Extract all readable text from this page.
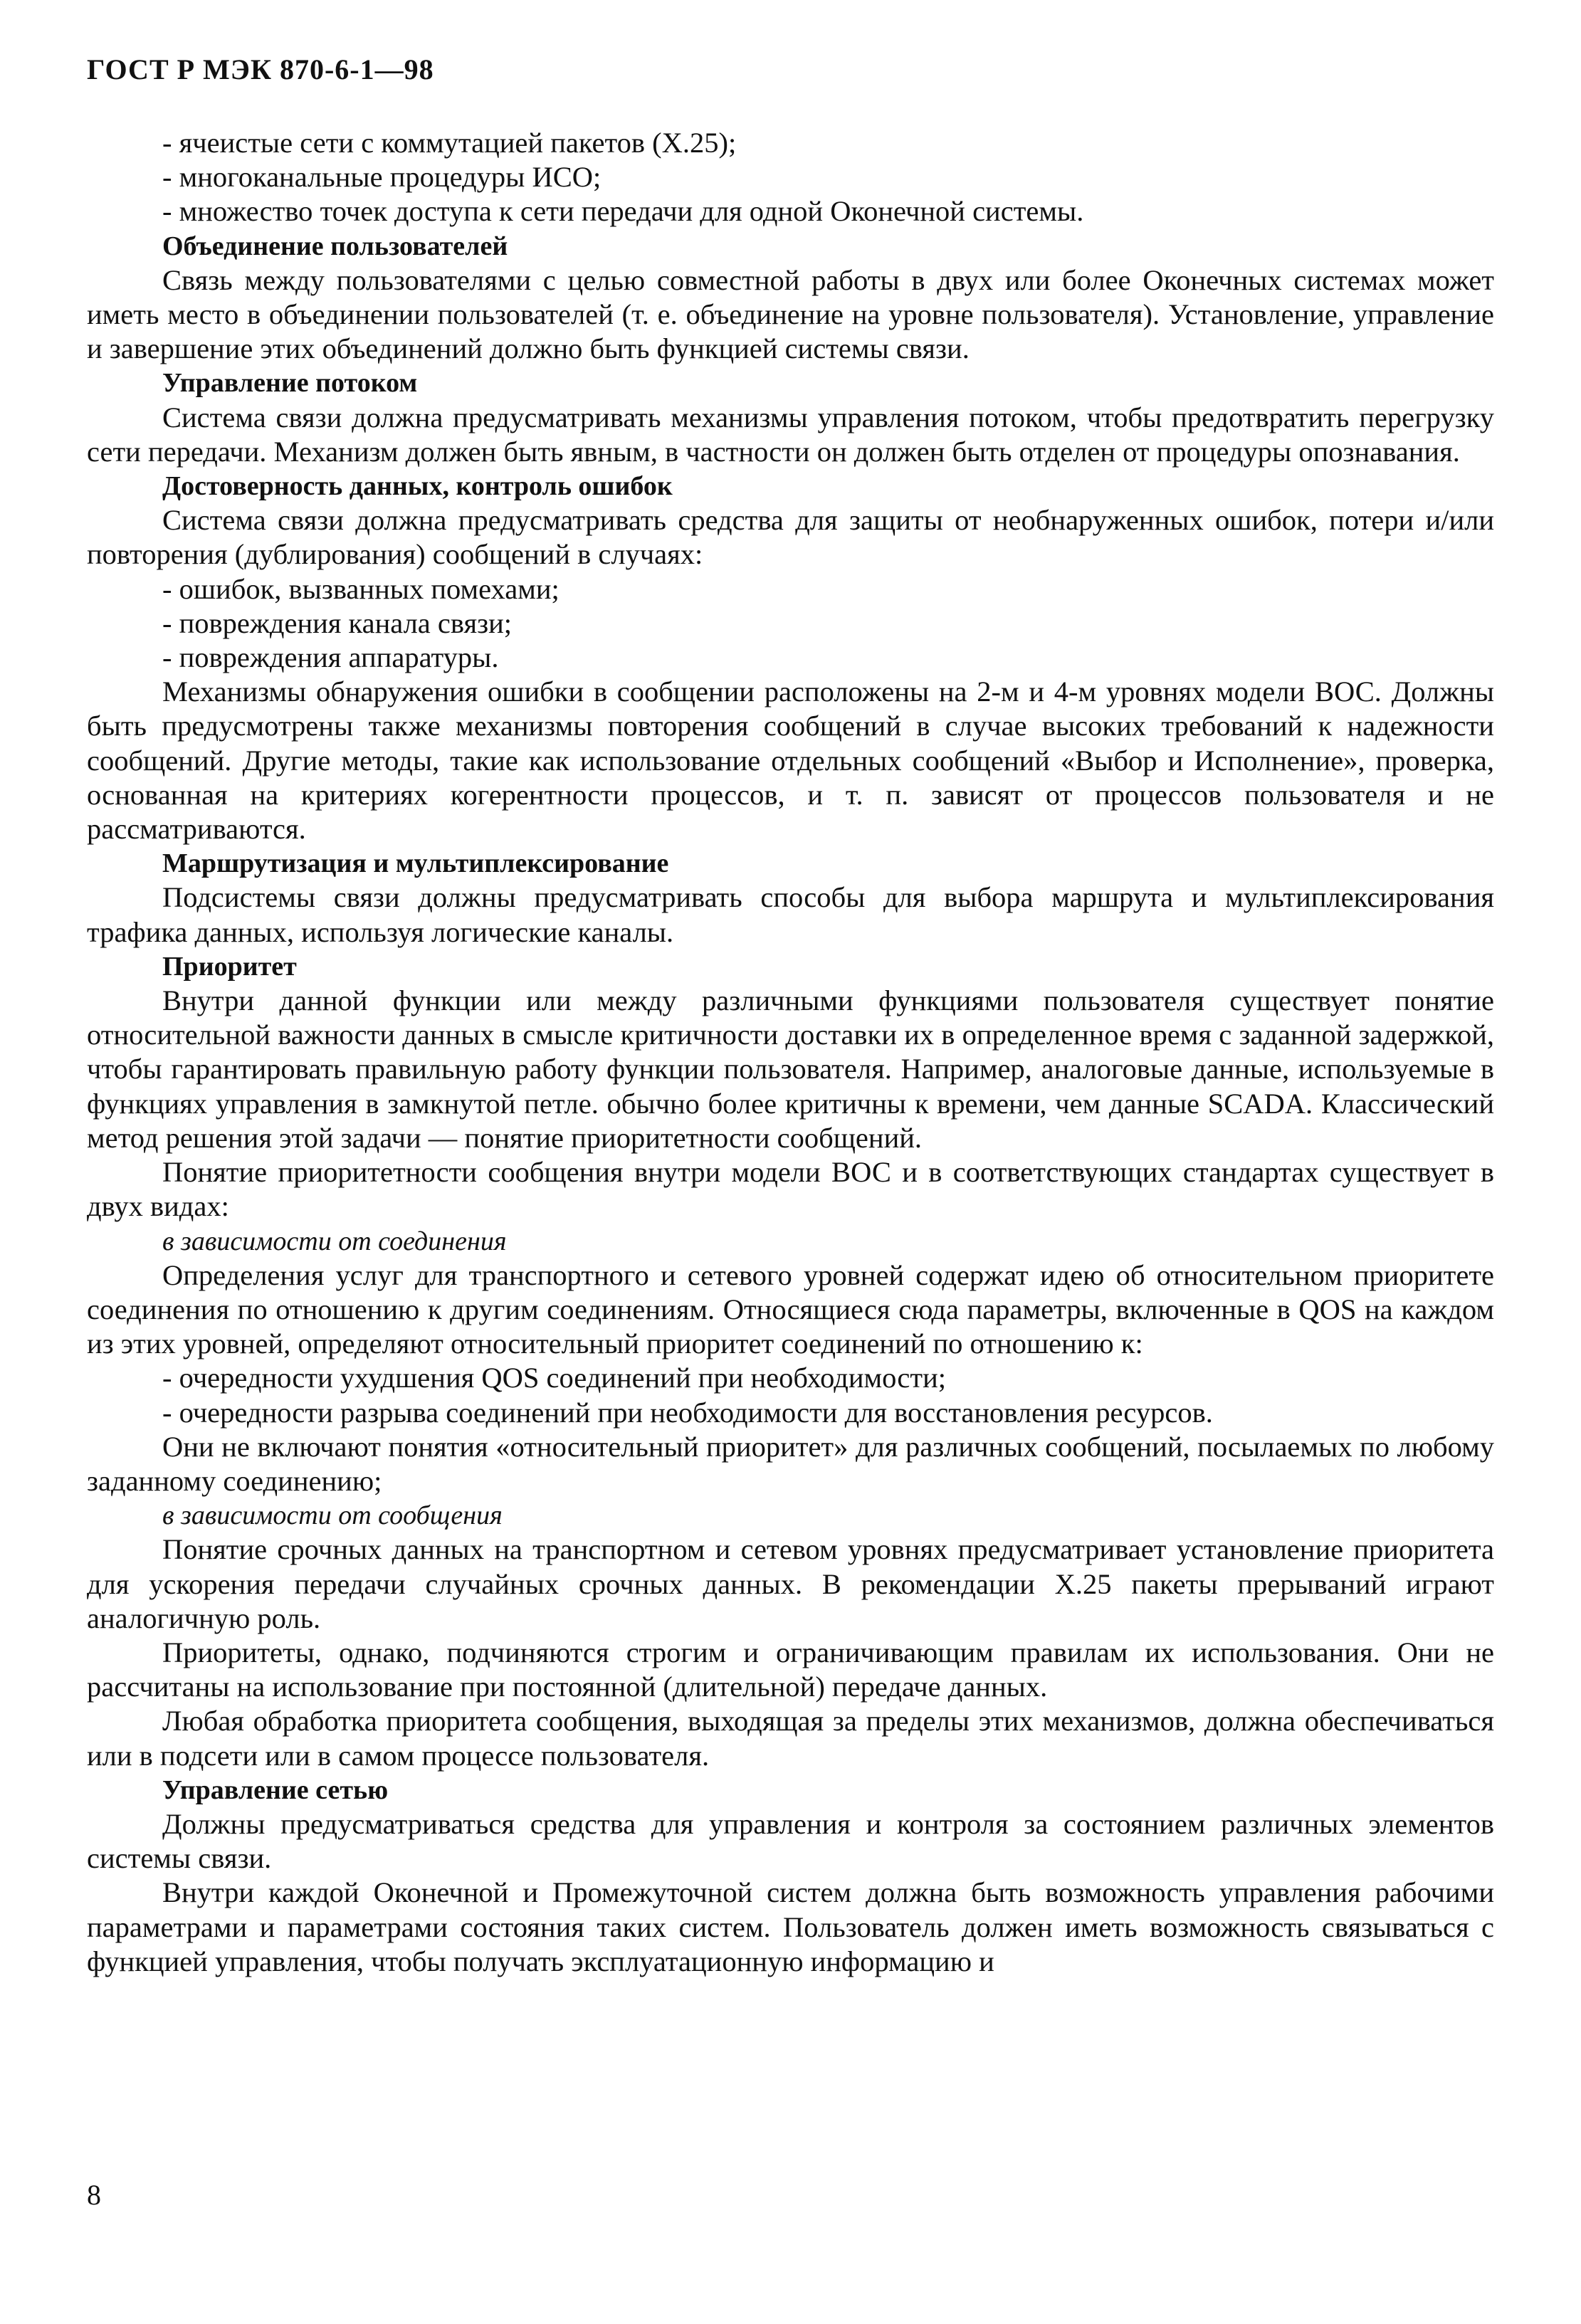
ГОСТ Р МЭК 870-6-1—98

- ячеистые сети с коммутацией пакетов (X.25);

- многоканальные процедуры ИСО;

- множество точек доступа к сети передачи для одной Оконечной системы.

Объединение пользователей

Связь между пользователями с целью совместной работы в двух или более Оконечных системах может иметь место в объединении пользователей (т. е. объединение на уровне пользователя). Установление, управление и завершение этих объединений должно быть функцией системы связи.

Управление потоком

Система связи должна предусматривать механизмы управления потоком, чтобы предотвратить перегрузку сети передачи. Механизм должен быть явным, в частности он должен быть отделен от процедуры опознавания.

Достоверность данных, контроль ошибок

Система связи должна предусматривать средства для защиты от необнаруженных ошибок, потери и/или повторения (дублирования) сообщений в случаях:

- ошибок, вызванных помехами;

- повреждения канала связи;

- повреждения аппаратуры.

Механизмы обнаружения ошибки в сообщении расположены на 2-м и 4-м уровнях модели ВОС. Должны быть предусмотрены также механизмы повторения сообщений в случае высоких требований к надежности сообщений. Другие методы, такие как использование отдельных сообщений «Выбор и Исполнение», проверка, основанная на критериях когерентности процессов, и т. п. зависят от процессов пользователя и не рассматриваются.

Маршрутизация и мультиплексирование

Подсистемы связи должны предусматривать способы для выбора маршрута и мультиплексирования трафика данных, используя логические каналы.

Приоритет

Внутри данной функции или между различными функциями пользователя существует понятие относительной важности данных в смысле критичности доставки их в определенное время с заданной задержкой, чтобы гарантировать правильную работу функции пользователя. Например, аналоговые данные, используемые в функциях управления в замкнутой петле. обычно более критичны к времени, чем данные SCADA. Классический метод решения этой задачи — понятие приоритетности сообщений.

Понятие приоритетности сообщения внутри модели ВОС и в соответствующих стандартах существует в двух видах:

в зависимости от соединения

Определения услуг для транспортного и сетевого уровней содержат идею об относительном приоритете соединения по отношению к другим соединениям. Относящиеся сюда параметры, включенные в QOS на каждом из этих уровней, определяют относительный приоритет соединений по отношению к:

- очередности ухудшения QOS соединений при необходимости;

- очередности разрыва соединений при необходимости для восстановления ресурсов.

Они не включают понятия «относительный приоритет» для различных сообщений, посылаемых по любому заданному соединению;

в зависимости от сообщения

Понятие срочных данных на транспортном и сетевом уровнях предусматривает установление приоритета для ускорения передачи случайных срочных данных. В рекомендации X.25 пакеты прерываний играют аналогичную роль.

Приоритеты, однако, подчиняются строгим и ограничивающим правилам их использования. Они не рассчитаны на использование при постоянной (длительной) передаче данных.

Любая обработка приоритета сообщения, выходящая за пределы этих механизмов, должна обеспечиваться или в подсети или в самом процессе пользователя.

Управление сетью

Должны предусматриваться средства для управления и контроля за состоянием различных элементов системы связи.

Внутри каждой Оконечной и Промежуточной систем должна быть возможность управления рабочими параметрами и параметрами состояния таких систем. Пользователь должен иметь возможность связываться с функцией управления, чтобы получать эксплуатационную информацию и

8
